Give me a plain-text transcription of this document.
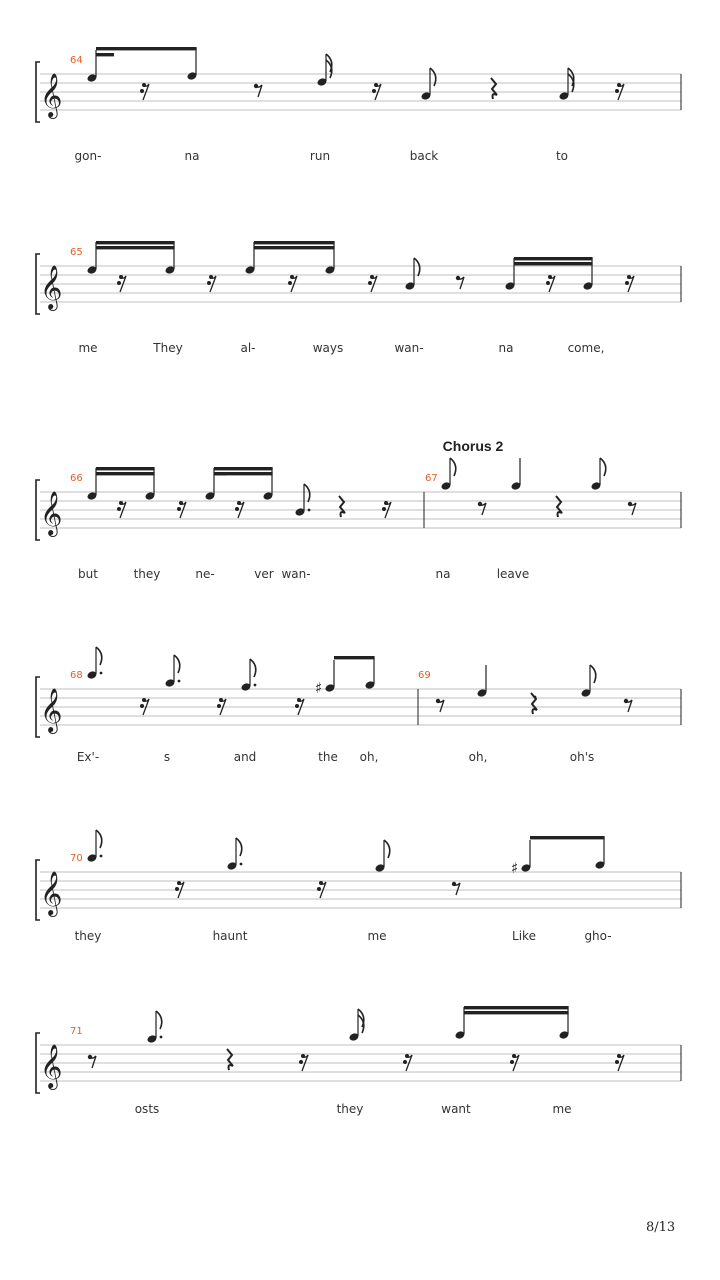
𝄞
𝄞
𝄞
𝄞
𝄞
𝄞
♯
♯
64
gon-	na	run	back	to
65
me	They	al-	ways	wan-	na	come,
Chorus 2
66	67
but	they	ne-	ver wan-	na	leave
68	69
Ex'-	s	and	the oh,	oh,	oh's
70
they	haunt	me	Like	gho-
71
osts	they	want	me
8/13
